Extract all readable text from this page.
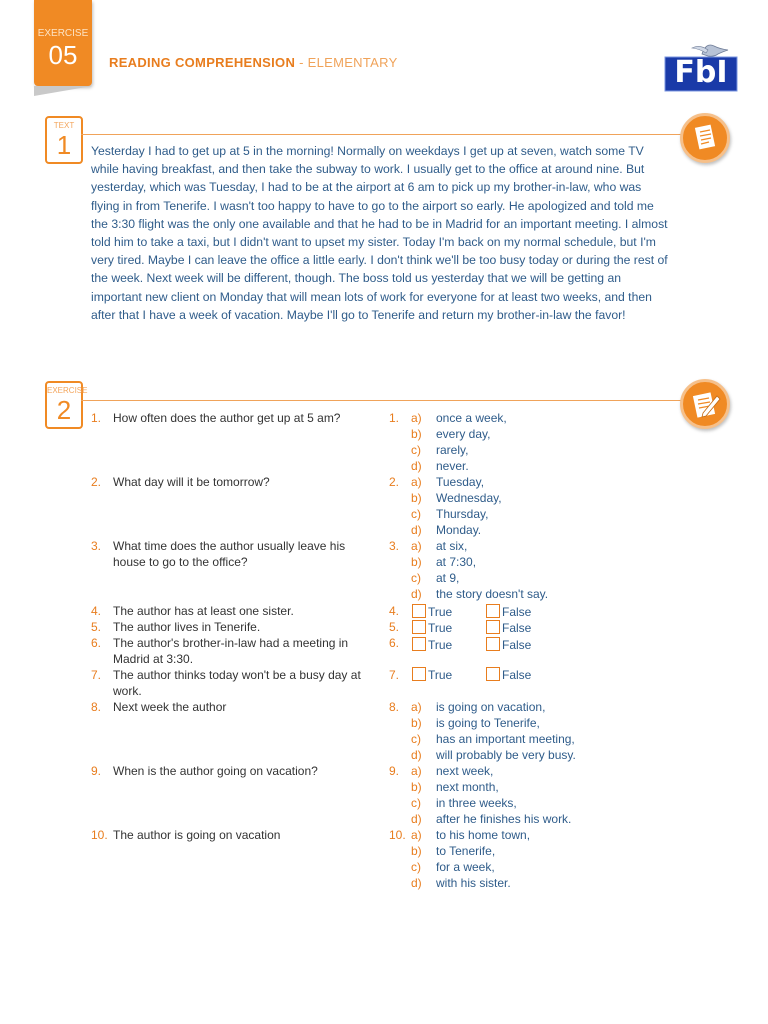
EXERCISE
05	READING COMPREHENSION - ELEMENTARY	FbI
TEXT
1	Yesterday I had to get up at 5 in the morning! Normally on weekdays I get up at seven, watch some TV while having breakfast, and then take the subway to work. I usually get to the office at around nine. But yesterday, which was Tuesday, I had to be at the airport at 6 am to pick up my brother-in-law, who was flying in from Tenerife. I wasn't too happy to have to go to the airport so early. He apologized and told me the 3:30 flight was the only one available and that he had to be in Madrid for an important meeting. I almost told him to take a taxi, but I didn't want to upset my sister. Today I'm back on my normal schedule, but I'm very tired. Maybe I can leave the office a little early. I don't think we'll be too busy today or during the rest of the week. Next week will be different, though. The boss told us yesterday that we will be getting an important new client on Monday that will mean lots of work for everyone for at least two weeks, and then after that I have a week of vacation. Maybe I'll go to Tenerife and return my brother-in-law the favor!

EXERCISE
2	1. How often does the author get up at 5 am?
2. What day will it be tomorrow?
3. What time does the author usually leave his house to go to the office?
4. The author has at least one sister.
5. The author lives in Tenerife.
6. The author's brother-in-law had a meeting in Madrid at 3:30.
7. The author thinks today won't be a busy day at work.
8. Next week the author
9. When is the author going on vacation?
10. The author is going on vacation
1. a) once a week,
b) every day,
c) rarely,
d) never.
2. a) Tuesday,
b) Wednesday,
c) Thursday,
d) Monday.
3. a) at six,
b) at 7:30,
c) at 9,
d) the story doesn't say.
4.	True	False
5.	True	False
6.	True	False
7.	True	False
8. a) is going on vacation,
b) is going to Tenerife,
c) has an important meeting,
d) will probably be very busy.
9. a) next week,
b) next month,
c) in three weeks,
d) after he finishes his work.
10. a) to his home town,
b) to Tenerife,
c) for a week,
d) with his sister.
